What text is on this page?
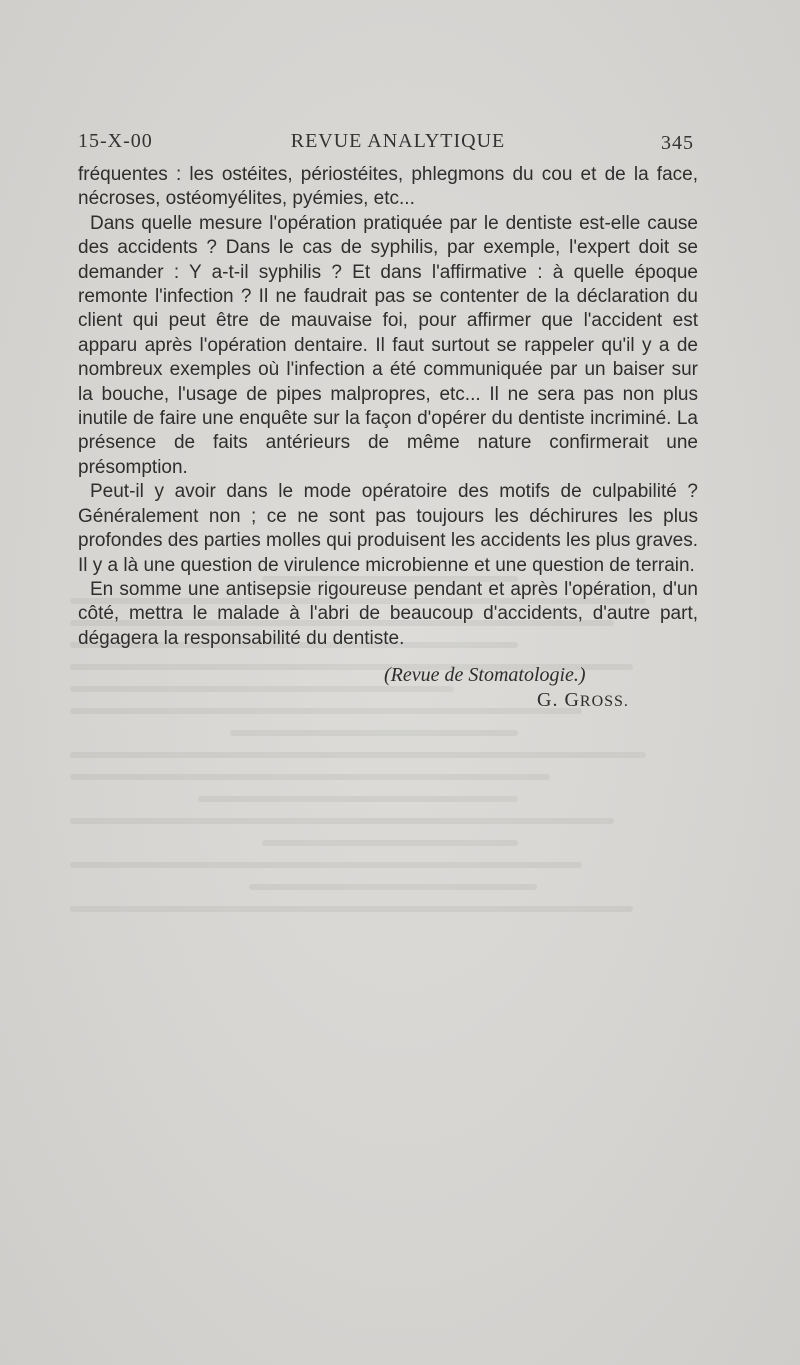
15-X-00	REVUE ANALYTIQUE	345

fréquentes : les ostéites, périostéites, phlegmons du cou et de la face, nécroses, ostéomyélites, pyémies, etc...

Dans quelle mesure l'opération pratiquée par le dentiste est-elle cause des accidents ? Dans le cas de syphilis, par exemple, l'expert doit se demander : Y a-t-il syphilis ? Et dans l'affirmative : à quelle époque remonte l'infection ? Il ne faudrait pas se contenter de la déclaration du client qui peut être de mauvaise foi, pour affirmer que l'accident est apparu après l'opération dentaire. Il faut surtout se rappeler qu'il y a de nombreux exemples où l'infection a été communiquée par un baiser sur la bouche, l'usage de pipes malpropres, etc... Il ne sera pas non plus inutile de faire une enquête sur la façon d'opérer du dentiste incriminé. La présence de faits antérieurs de même nature confirmerait une présomption.

Peut-il y avoir dans le mode opératoire des motifs de culpabilité ? Généralement non ; ce ne sont pas toujours les déchirures les plus profondes des parties molles qui produisent les accidents les plus graves. Il y a là une question de virulence microbienne et une question de terrain.

En somme une antisepsie rigoureuse pendant et après l'opération, d'un côté, mettra le malade à l'abri de beaucoup d'accidents, d'autre part, dégagera la responsabilité du dentiste.

(Revue de Stomatologie.)
G. GROSS.
